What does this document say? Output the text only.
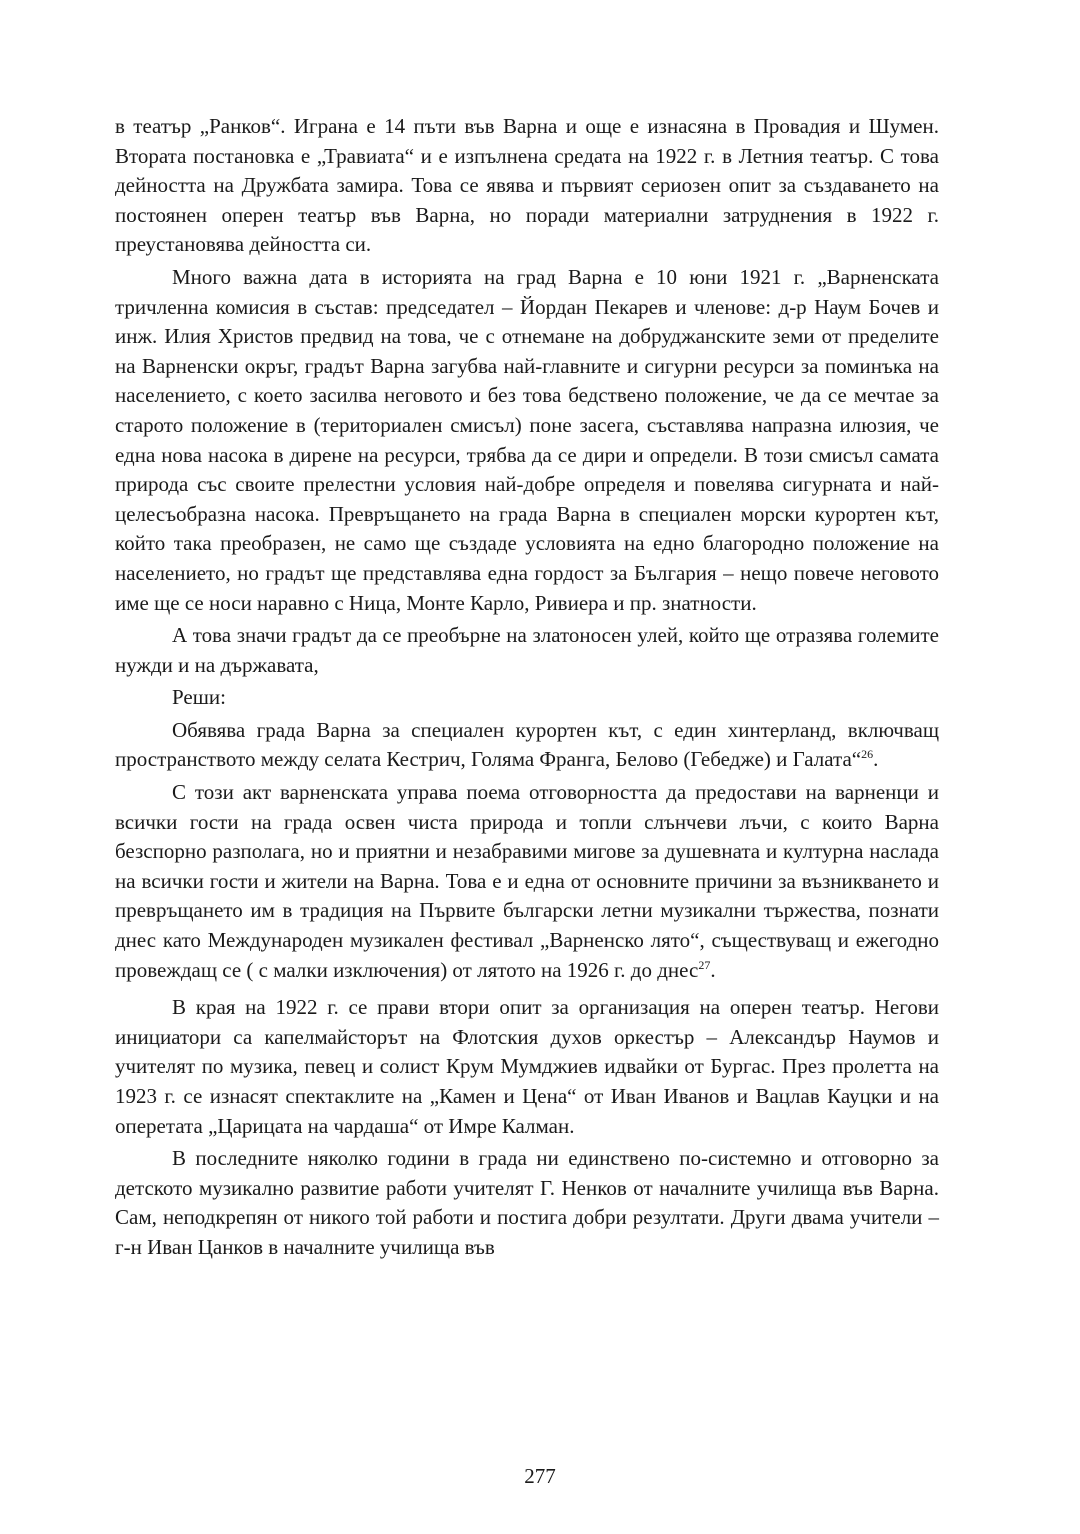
в театър „Ранков“. Играна е 14 пъти във Варна и още е изнасяна в Провадия и Шумен. Втората постановка е „Травиата“ и е изпълнена средата на 1922 г. в Летния театър. С това дейността на Дружбата замира. Това се явява и първият сериозен опит за създаването на постоянен оперен театър във Варна, но поради материални затруднения в 1922 г. преустановява дейността си.

Много важна дата в историята на град Варна е 10 юни 1921 г. „Варненската тричленна комисия в състав: председател – Йордан Пекарев и членове: д-р Наум Бочев и инж. Илия Христов предвид на това, че с отнемане на добруджанските земи от пределите на Варненски окръг, градът Варна загубва най-главните и сигурни ресурси за поминъка на населението, с което засилва неговото и без това бедствено положение, че да се мечтае за старото положение в (териториален смисъл) поне засега, съставлява напразна илюзия, че една нова насока в дирене на ресурси, трябва да се дири и определи. В този смисъл самата природа със своите прелестни условия най-добре определя и повелява сигурната и най-целесъобразна насока. Превръщането на града Варна в специален морски курортен кът, който така преобразен, не само ще създаде условията на едно благородно положение на населението, но градът ще представлява една гордост за България – нещо повече неговото име ще се носи наравно с Ница, Монте Карло, Ривиера и пр. знатности.

А това значи градът да се преобърне на златоносен улей, който ще отразява големите нужди и на държавата,

Реши:

Обявява града Варна за специален курортен кът, с един хинтерланд, включващ пространството между селата Кестрич, Голяма Франга, Белово (Гебедже) и Галата“$^{26}$.

С този акт варненската управа поема отговорността да предостави на варненци и всички гости на града освен чиста природа и топли слънчеви лъчи, с които Варна безспорно разполага, но и приятни и незабравими мигове за душевната и културна наслада на всички гости и жители на Варна. Това е и една от основните причини за възникването и превръщането им в традиция на Първите български летни музикални тържества, познати днес като Международен музикален фестивал „Варненско лято“, съществуващ и ежегодно провеждащ се ( с малки изключения) от лятото на 1926 г. до днес$^{27}$.

В края на 1922 г. се прави втори опит за организация на оперен театър. Негови инициатори са капелмайсторът на Флотския духов оркестър – Александър Наумов и учителят по музика, певец и солист Крум Мумджиев идвайки от Бургас. През пролетта на 1923 г. се изнасят спектаклите на „Камен и Цена“ от Иван Иванов и Вацлав Кауцки и на оперетата „Царицата на чардаша“ от Имре Калман.

В последните няколко години в града ни единствено по-системно и отговорно за детското музикално развитие работи учителят Г. Ненков от началните училища във Варна. Сам, неподкрепян от никого той работи и постига добри резултати. Други двама учители – г-н Иван Цанков в началните училища във

277
